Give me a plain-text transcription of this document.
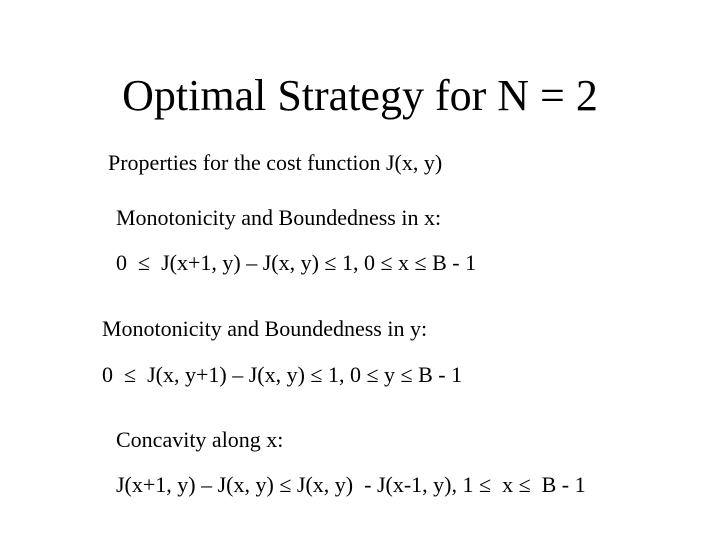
Optimal Strategy for N = 2
Properties for the cost function J(x, y)
Monotonicity and Boundedness in x:
0  ≤  J(x+1, y) – J(x, y) ≤ 1, 0 ≤ x ≤ B - 1
Monotonicity and Boundedness in y:
0  ≤  J(x, y+1) – J(x, y) ≤ 1, 0 ≤ y ≤ B - 1
Concavity along x:
J(x+1, y) – J(x, y) ≤ J(x, y)  - J(x-1, y), 1 ≤  x ≤  B - 1
